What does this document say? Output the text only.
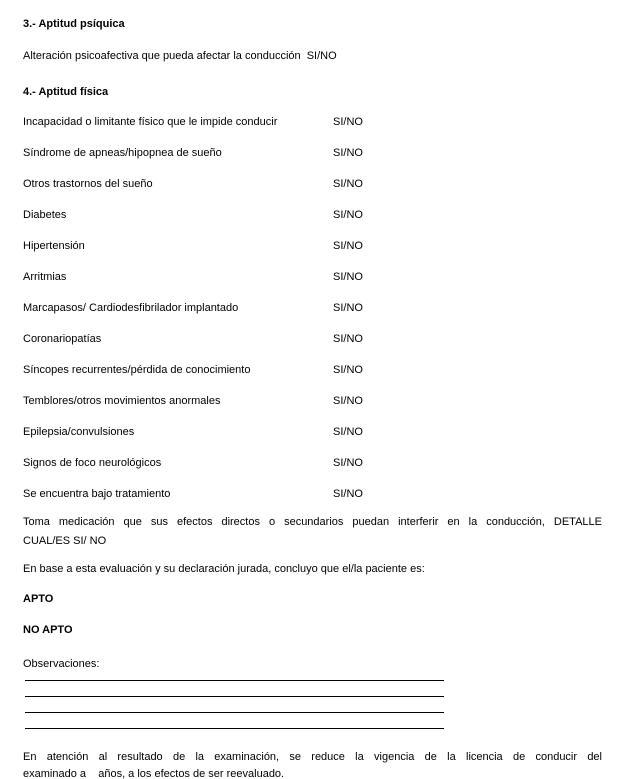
3.- Aptitud psíquica
Alteración psicoafectiva que pueda afectar la conducción SI/NO
4.- Aptitud física
Incapacidad o limitante físico que le impide conducir	SI/NO
Síndrome de apneas/hipopnea de sueño	SI/NO
Otros trastornos del sueño	SI/NO
Diabetes	SI/NO
Hipertensión	SI/NO
Arritmias	SI/NO
Marcapasos/ Cardiodesfibrilador implantado	SI/NO
Coronariopatías	SI/NO
Síncopes recurrentes/pérdida de conocimiento	SI/NO
Temblores/otros movimientos anormales	SI/NO
Epilepsia/convulsiones	SI/NO
Signos de foco neurológicos	SI/NO
Se encuentra bajo tratamiento	SI/NO
Toma medicación que sus efectos directos o secundarios puedan interferir en la conducción, DETALLE
CUAL/ES SI/ NO
En base a esta evaluación y su declaración jurada, concluyo que el/la paciente es:
APTO
NO APTO
Observaciones:
En atención al resultado de la examinación, se reduce la vigencia de la licencia de conducir del
examinado a    años, a los efectos de ser reevaluado.
